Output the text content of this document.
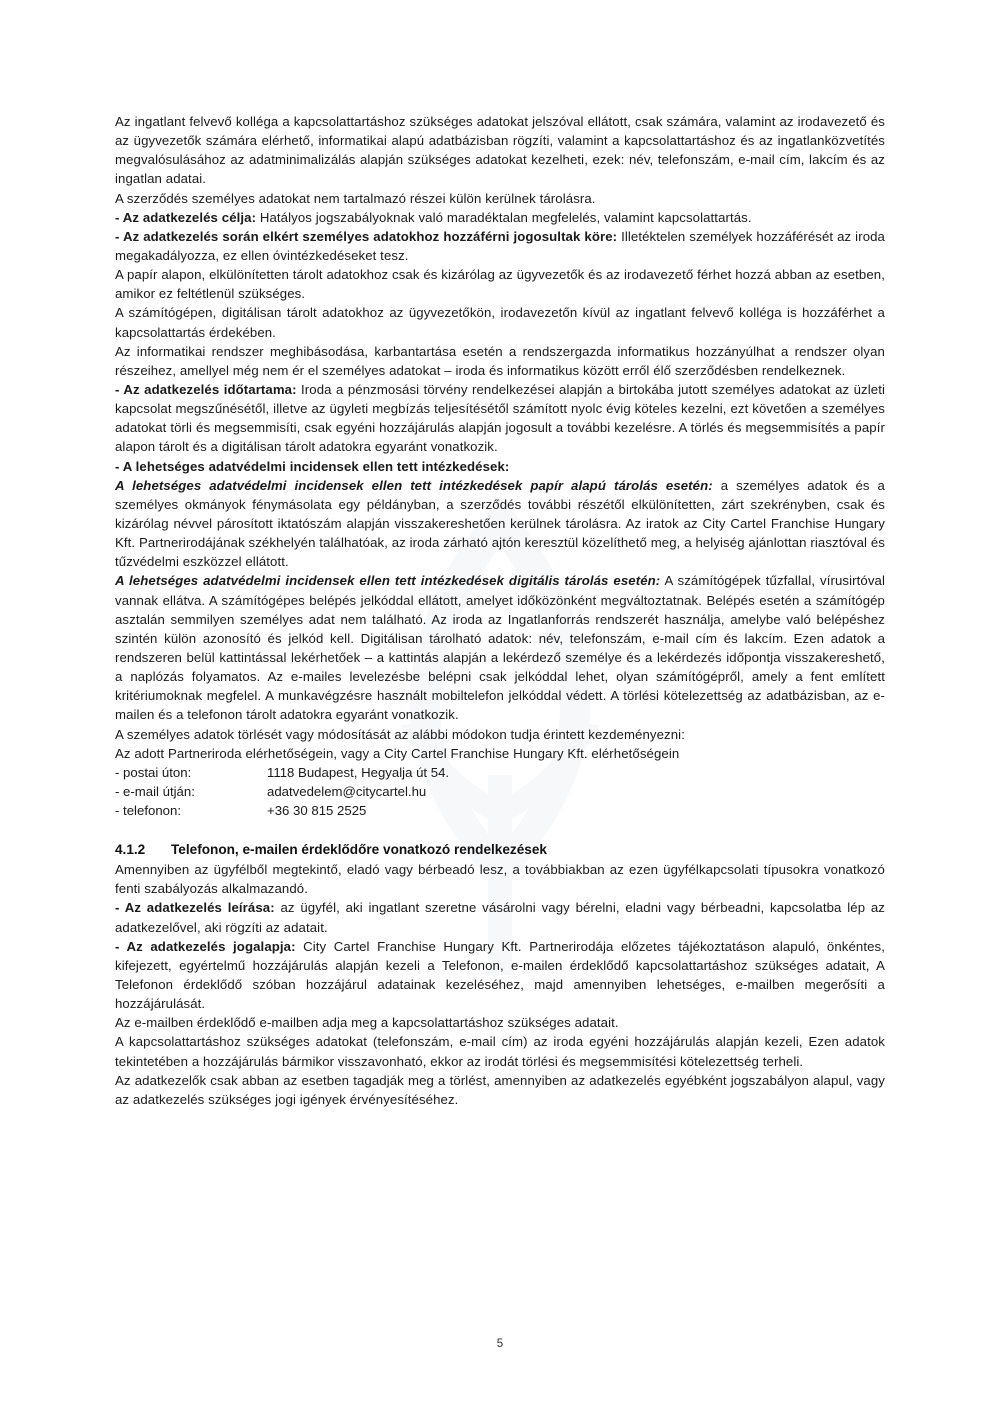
Az ingatlant felvevő kolléga a kapcsolattartáshoz szükséges adatokat jelszóval ellátott, csak számára, valamint az irodavezető és az ügyvezetők számára elérhető, informatikai alapú adatbázisban rögzíti, valamint a kapcsolattartáshoz és az ingatlanközvetítés megvalósulásához az adatminimalizálás alapján szükséges adatokat kezelheti, ezek: név, telefonszám, e-mail cím, lakcím és az ingatlan adatai.

A szerződés személyes adatokat nem tartalmazó részei külön kerülnek tárolásra.

- Az adatkezelés célja: Hatályos jogszabályoknak való maradéktalan megfelelés, valamint kapcsolattartás.

- Az adatkezelés során elkért személyes adatokhoz hozzáférni jogosultak köre: Illetéktelen személyek hozzáférését az iroda megakadályozza, ez ellen óvintézkedéseket tesz.

A papír alapon, elkülönítetten tárolt adatokhoz csak és kizárólag az ügyvezetők és az irodavezető férhet hozzá abban az esetben, amikor ez feltétlenül szükséges.

A számítógépen, digitálisan tárolt adatokhoz az ügyvezetőkön, irodavezetőn kívül az ingatlant felvevő kolléga is hozzáférhet a kapcsolattartás érdekében.

Az informatikai rendszer meghibásodása, karbantartása esetén a rendszergazda informatikus hozzányúlhat a rendszer olyan részeihez, amellyel még nem ér el személyes adatokat – iroda és informatikus között erről élő szerződésben rendelkeznek.

- Az adatkezelés időtartama: Iroda a pénzmosási törvény rendelkezései alapján a birtokába jutott személyes adatokat az üzleti kapcsolat megszűnésétől, illetve az ügyleti megbízás teljesítésétől számított nyolc évig köteles kezelni, ezt követően a személyes adatokat törli és megsemmisíti, csak egyéni hozzájárulás alapján jogosult a további kezelésre. A törlés és megsemmisítés a papír alapon tárolt és a digitálisan tárolt adatokra egyaránt vonatkozik.

- A lehetséges adatvédelmi incidensek ellen tett intézkedések:

A lehetséges adatvédelmi incidensek ellen tett intézkedések papír alapú tárolás esetén: a személyes adatok és a személyes okmányok fénymásolata egy példányban, a szerződés további részétől elkülönítetten, zárt szekrényben, csak és kizárólag névvel párosított iktatószám alapján visszakereshetően kerülnek tárolásra. Az iratok az City Cartel Franchise Hungary Kft. Partnerirodájának székhelyén találhatóak, az iroda zárható ajtón keresztül közelíthető meg, a helyiség ajánlottan riasztóval és tűzvédelmi eszközzel ellátott.

A lehetséges adatvédelmi incidensek ellen tett intézkedések digitális tárolás esetén: A számítógépek tűzfallal, vírusirtóval vannak ellátva. A számítógépes belépés jelkóddal ellátott, amelyet időközönként megváltoztatnak. Belépés esetén a számítógép asztalán semmilyen személyes adat nem található. Az iroda az Ingatlanforrás rendszerét használja, amelybe való belépéshez szintén külön azonosító és jelkód kell. Digitálisan tárolható adatok: név, telefonszám, e-mail cím és lakcím. Ezen adatok a rendszeren belül kattintással lekérhetőek – a kattintás alapján a lekérdező személye és a lekérdezés időpontja visszakereshető, a naplózás folyamatos. Az e-mailes levelezésbe belépni csak jelkóddal lehet, olyan számítógépről, amely a fent említett kritériumoknak megfelel. A munkavégzésre használt mobiltelefon jelkóddal védett. A törlési kötelezettség az adatbázisban, az e-mailen és a telefonon tárolt adatokra egyaránt vonatkozik.

A személyes adatok törlését vagy módosítását az alábbi módokon tudja érintett kezdeményezni:

Az adott Partneriroda elérhetőségein, vagy a City Cartel Franchise Hungary Kft. elérhetőségein

- postai úton:	1118 Budapest, Hegyalja út 54.
- e-mail útján:	adatvedelem@citycartel.hu
- telefonon:	+36 30 815 2525
4.1.2 Telefonon, e-mailen érdeklődőre vonatkozó rendelkezések

Amennyiben az ügyfélből megtekintő, eladó vagy bérbeadó lesz, a továbbiakban az ezen ügyfélkapcsolati típusokra vonatkozó fenti szabályozás alkalmazandó.

- Az adatkezelés leírása: az ügyfél, aki ingatlant szeretne vásárolni vagy bérelni, eladni vagy bérbeadni, kapcsolatba lép az adatkezelővel, aki rögzíti az adatait.

- Az adatkezelés jogalapja: City Cartel Franchise Hungary Kft. Partnerirodája előzetes tájékoztatáson alapuló, önkéntes, kifejezett, egyértelmű hozzájárulás alapján kezeli a Telefonon, e-mailen érdeklődő kapcsolattartáshoz szükséges adatait, A Telefonon érdeklődő szóban hozzájárul adatainak kezeléséhez, majd amennyiben lehetséges, e-mailben megerősíti a hozzájárulását.

Az e-mailben érdeklődő e-mailben adja meg a kapcsolattartáshoz szükséges adatait.

A kapcsolattartáshoz szükséges adatokat (telefonszám, e-mail cím) az iroda egyéni hozzájárulás alapján kezeli, Ezen adatok tekintetében a hozzájárulás bármikor visszavonható, ekkor az irodát törlési és megsemmisítési kötelezettség terheli.

Az adatkezelők csak abban az esetben tagadják meg a törlést, amennyiben az adatkezelés egyébként jogszabályon alapul, vagy az adatkezelés szükséges jogi igények érvényesítéséhez.

5
